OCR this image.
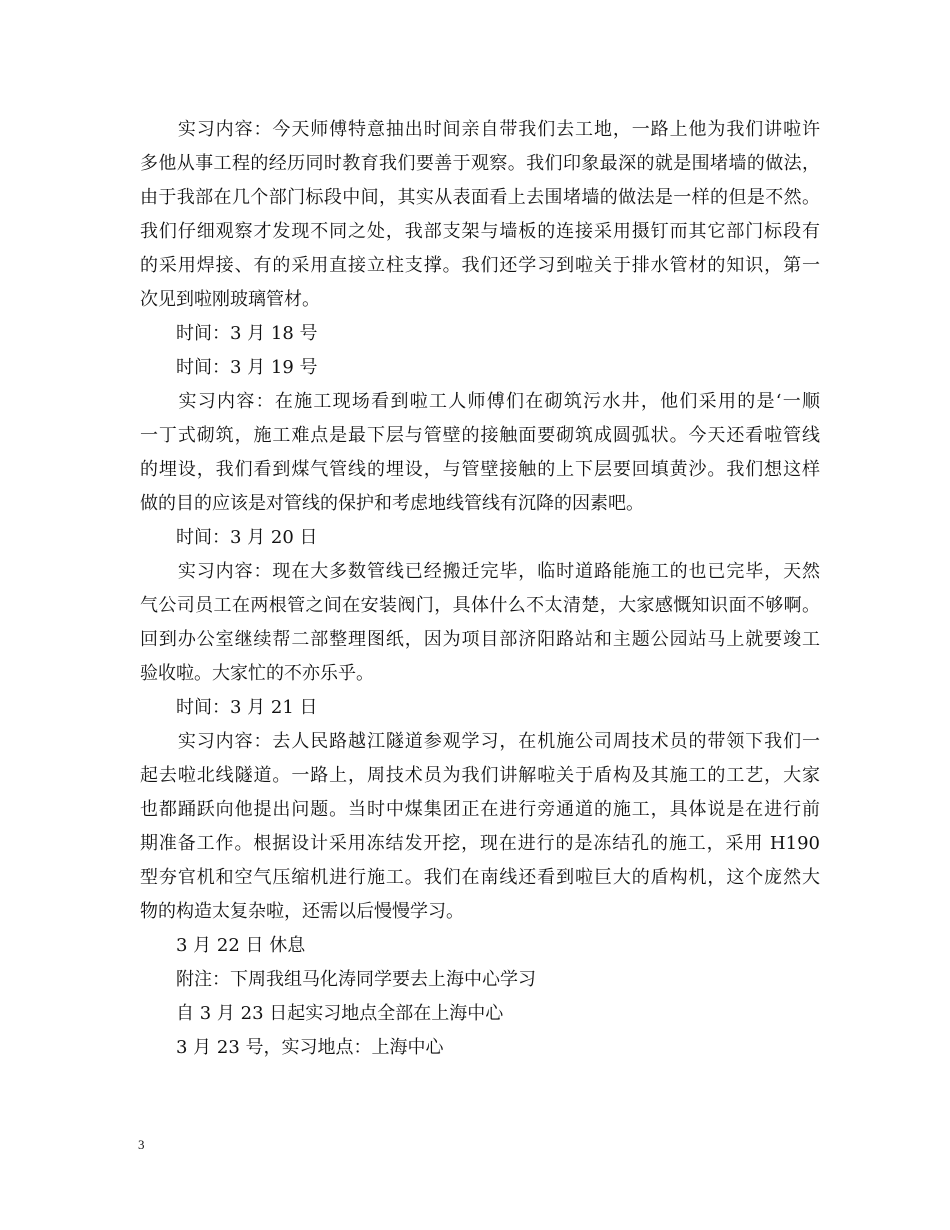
　　实习内容：今天师傅特意抽出时间亲自带我们去工地，一路上他为我们讲啦许
多他从事工程的经历同时教育我们要善于观察。我们印象最深的就是围堵墙的做法，
由于我部在几个部门标段中间，其实从表面看上去围堵墙的做法是一样的但是不然。
我们仔细观察才发现不同之处，我部支架与墙板的连接采用摄钉而其它部门标段有
的采用焊接、有的采用直接立柱支撑。我们还学习到啦关于排水管材的知识，第一
次见到啦刚玻璃管材。
　　时间：3 月 18 号
　　时间：3 月 19 号
　　实习内容：在施工现场看到啦工人师傅们在砌筑污水井，他们采用的是‘一顺
一丁式砌筑，施工难点是最下层与管壁的接触面要砌筑成圆弧状。今天还看啦管线
的埋设，我们看到煤气管线的埋设，与管壁接触的上下层要回填黄沙。我们想这样
做的目的应该是对管线的保护和考虑地线管线有沉降的因素吧。
　　时间：3 月 20 日
　　实习内容：现在大多数管线已经搬迁完毕，临时道路能施工的也已完毕，天然
气公司员工在两根管之间在安装阀门，具体什么不太清楚，大家感慨知识面不够啊。
回到办公室继续帮二部整理图纸，因为项目部济阳路站和主题公园站马上就要竣工
验收啦。大家忙的不亦乐乎。
　　时间：3 月 21 日
　　实习内容：去人民路越江隧道参观学习，在机施公司周技术员的带领下我们一
起去啦北线隧道。一路上，周技术员为我们讲解啦关于盾构及其施工的工艺，大家
也都踊跃向他提出问题。当时中煤集团正在进行旁通道的施工，具体说是在进行前
期准备工作。根据设计采用冻结发开挖，现在进行的是冻结孔的施工，采用 H190
型夯官机和空气压缩机进行施工。我们在南线还看到啦巨大的盾构机，这个庞然大
物的构造太复杂啦，还需以后慢慢学习。
　　3 月 22 日 休息
　　附注：下周我组马化涛同学要去上海中心学习
　　自 3 月 23 日起实习地点全部在上海中心
　　3 月 23 号，实习地点：上海中心
3
